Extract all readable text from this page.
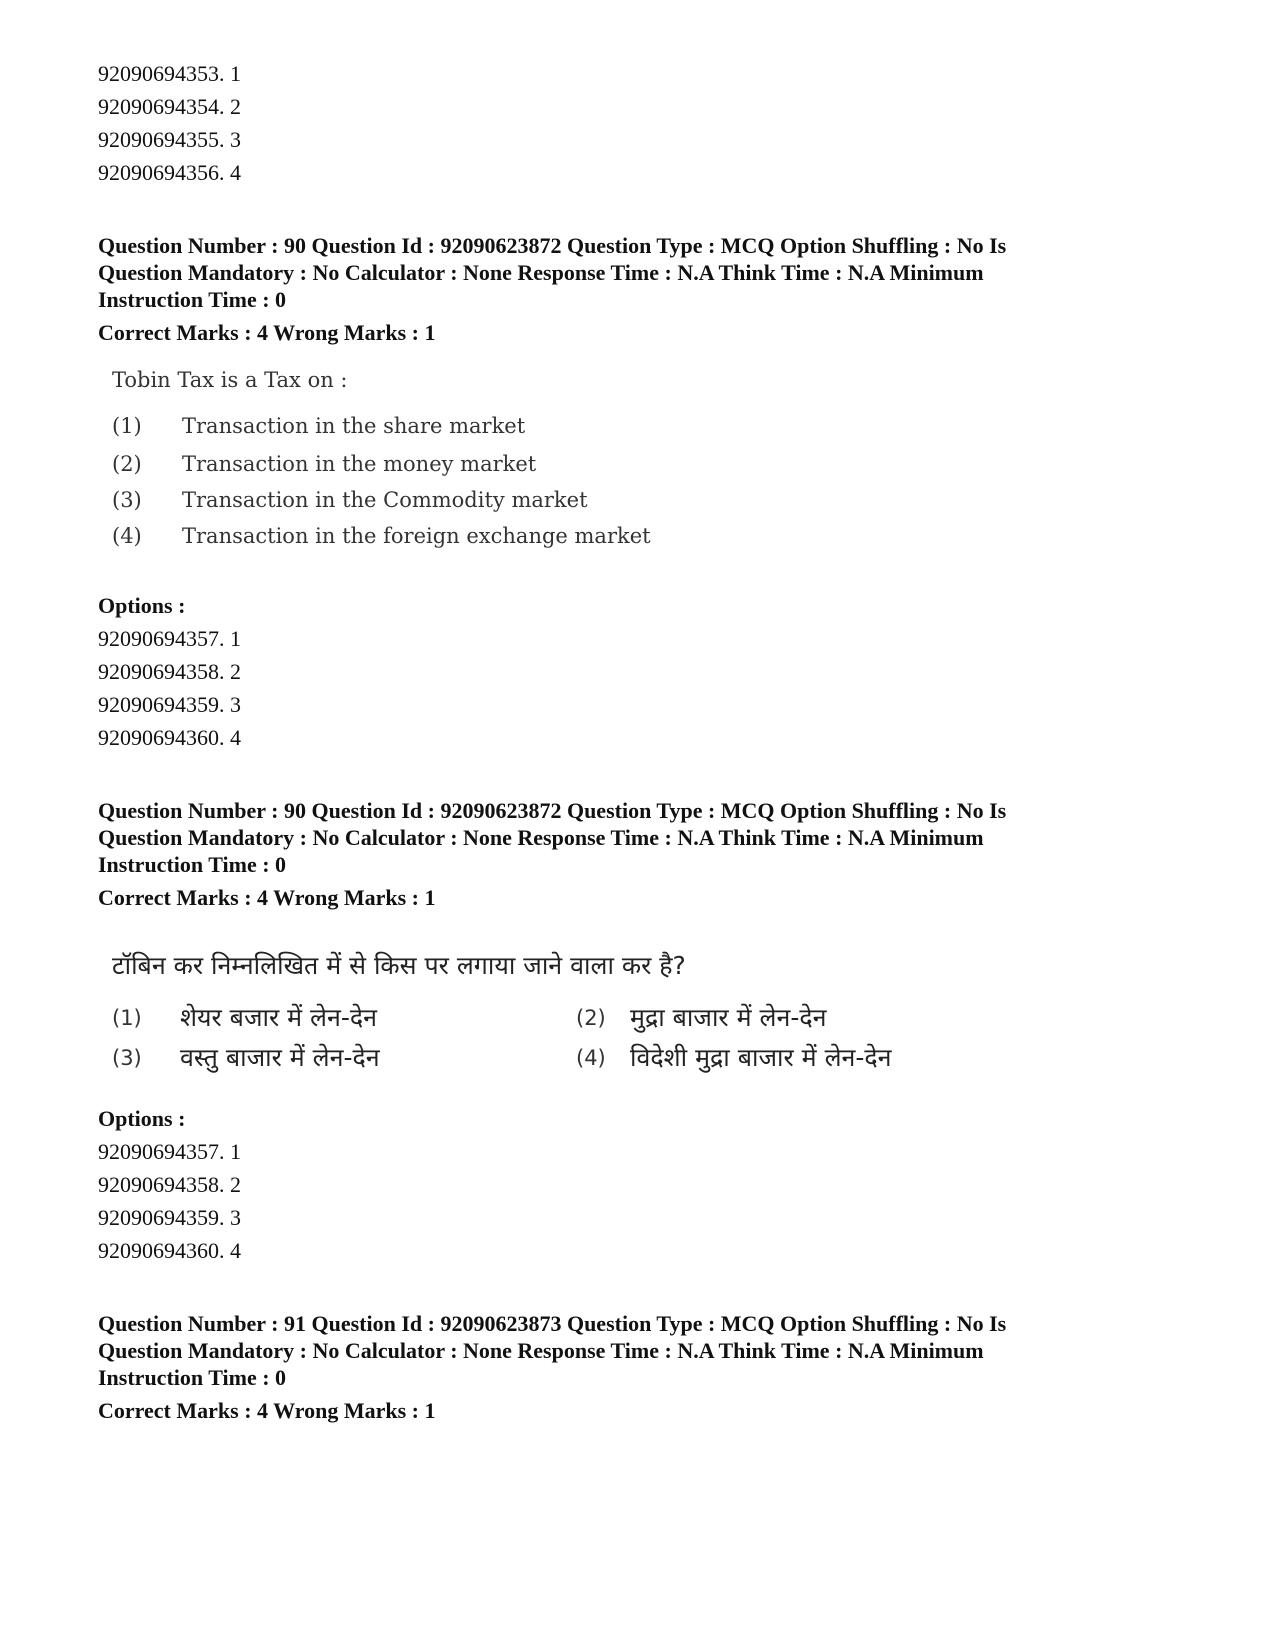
92090694353. 1
92090694354. 2
92090694355. 3
92090694356. 4
Question Number : 90 Question Id : 92090623872 Question Type : MCQ Option Shuffling : No Is
Question Mandatory : No Calculator : None Response Time : N.A Think Time : N.A Minimum
Instruction Time : 0
Correct Marks : 4 Wrong Marks : 1
Tobin Tax is a Tax on :
(1) Transaction in the share market
(2) Transaction in the money market
(3) Transaction in the Commodity market
(4) Transaction in the foreign exchange market
Options :
92090694357. 1
92090694358. 2
92090694359. 3
92090694360. 4
Question Number : 90 Question Id : 92090623872 Question Type : MCQ Option Shuffling : No Is
Question Mandatory : No Calculator : None Response Time : N.A Think Time : N.A Minimum
Instruction Time : 0
Correct Marks : 4 Wrong Marks : 1
टॉबिन कर निम्नलिखित में से किस पर लगाया जाने वाला कर है?
(1) शेयर बजार में लेन-देन	(2) मुद्रा बाजार में लेन-देन
(3) वस्तु बाजार में लेन-देन	(4) विदेशी मुद्रा बाजार में लेन-देन
Options :
92090694357. 1
92090694358. 2
92090694359. 3
92090694360. 4
Question Number : 91 Question Id : 92090623873 Question Type : MCQ Option Shuffling : No Is
Question Mandatory : No Calculator : None Response Time : N.A Think Time : N.A Minimum
Instruction Time : 0
Correct Marks : 4 Wrong Marks : 1
